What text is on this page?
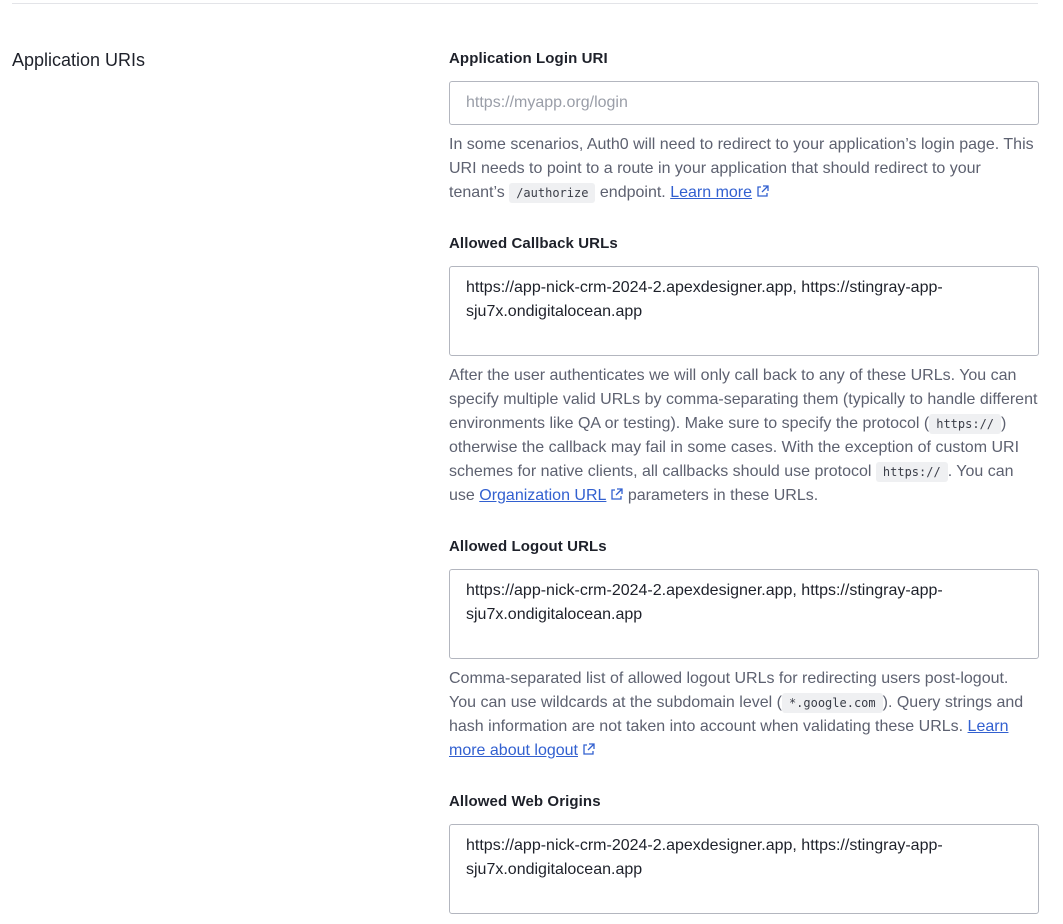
Application URIs	Application Login URI
https://myapp.org/login
In some scenarios, Auth0 will need to redirect to your application’s login page. This URI needs to point to a route in your application that should redirect to your tenant’s /authorize endpoint. Learn more
Allowed Callback URLs
https://app-nick-crm-2024-2.apexdesigner.app, https://stingray-app-sju7x.ondigitalocean.app
After the user authenticates we will only call back to any of these URLs. You can specify multiple valid URLs by comma-separating them (typically to handle different environments like QA or testing). Make sure to specify the protocol ( https:// ) otherwise the callback may fail in some cases. With the exception of custom URI schemes for native clients, all callbacks should use protocol https:// . You can use Organization URL parameters in these URLs.
Allowed Logout URLs
https://app-nick-crm-2024-2.apexdesigner.app, https://stingray-app-sju7x.ondigitalocean.app
Comma-separated list of allowed logout URLs for redirecting users post-logout. You can use wildcards at the subdomain level ( *.google.com ). Query strings and hash information are not taken into account when validating these URLs. Learn more about logout
Allowed Web Origins
https://app-nick-crm-2024-2.apexdesigner.app, https://stingray-app-sju7x.ondigitalocean.app
